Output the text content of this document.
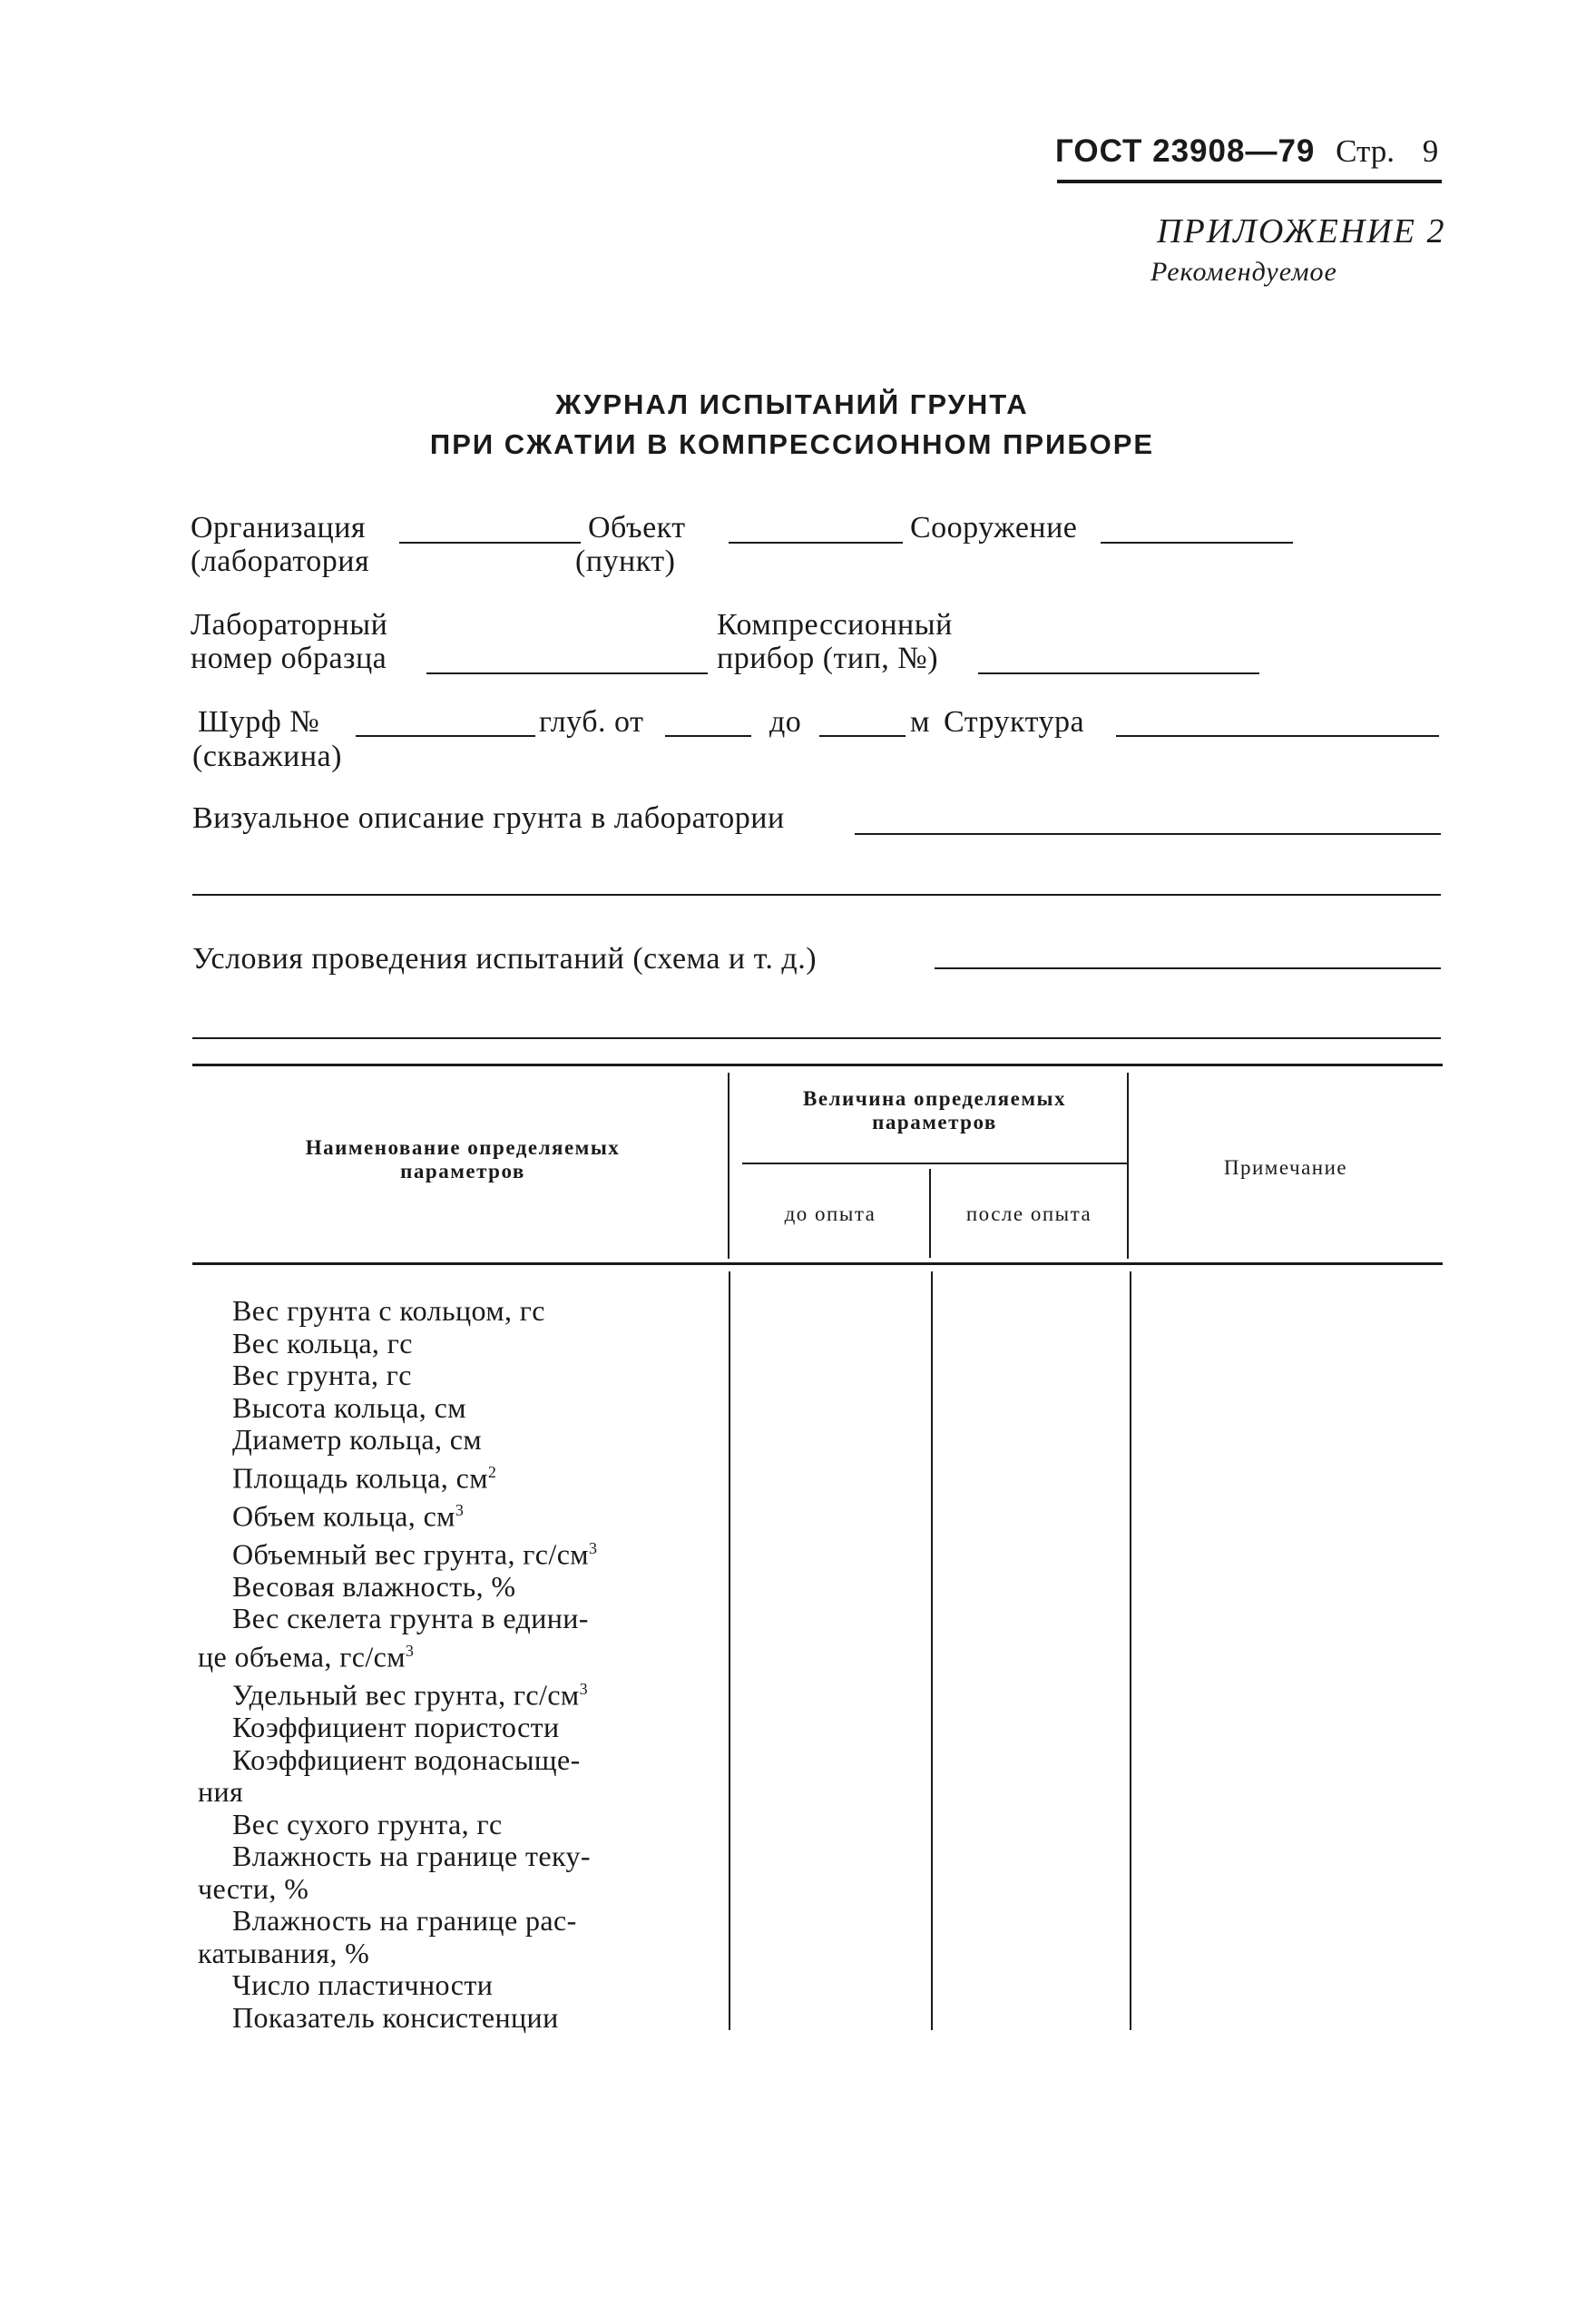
ГОСТ 23908—79 Стр. 9
ПРИЛОЖЕНИЕ 2
Рекомендуемое
ЖУРНАЛ ИСПЫТАНИЙ ГРУНТА
ПРИ СЖАТИИ В КОМПРЕССИОННОМ ПРИБОРЕ
Организация	Объект	Сооружение
(лаборатория	(пункт)
Лабораторный
номер образца
Компрессионный
прибор (тип, №)
Шурф №	глуб. от	до	м Структура
(скважина)
Визуальное описание грунта в лаборатории
Условия проведения испытаний (схема и т. д.)
Наименование определяемых параметров
Величина определяемых параметров
до опыта	после опыта
Примечание
Вес грунта с кольцом, гс
Вес кольца, гс
Вес грунта, гс
Высота кольца, см
Диаметр кольца, см
Площадь кольца, $см^2$
Объем кольца, $см^3$
Объемный вес грунта, $гс/см^3$
Весовая влажность, %
Вес скелета грунта в едини-
це объема, $гс/см^3$
Удельный вес грунта, $гс/см^3$
Коэффициент пористости
Коэффициент водонасыще-
ния
Вес сухого грунта, гс
Влажность на границе теку-
чести, %
Влажность на границе рас-
катывания, %
Число пластичности
Показатель консистенции
